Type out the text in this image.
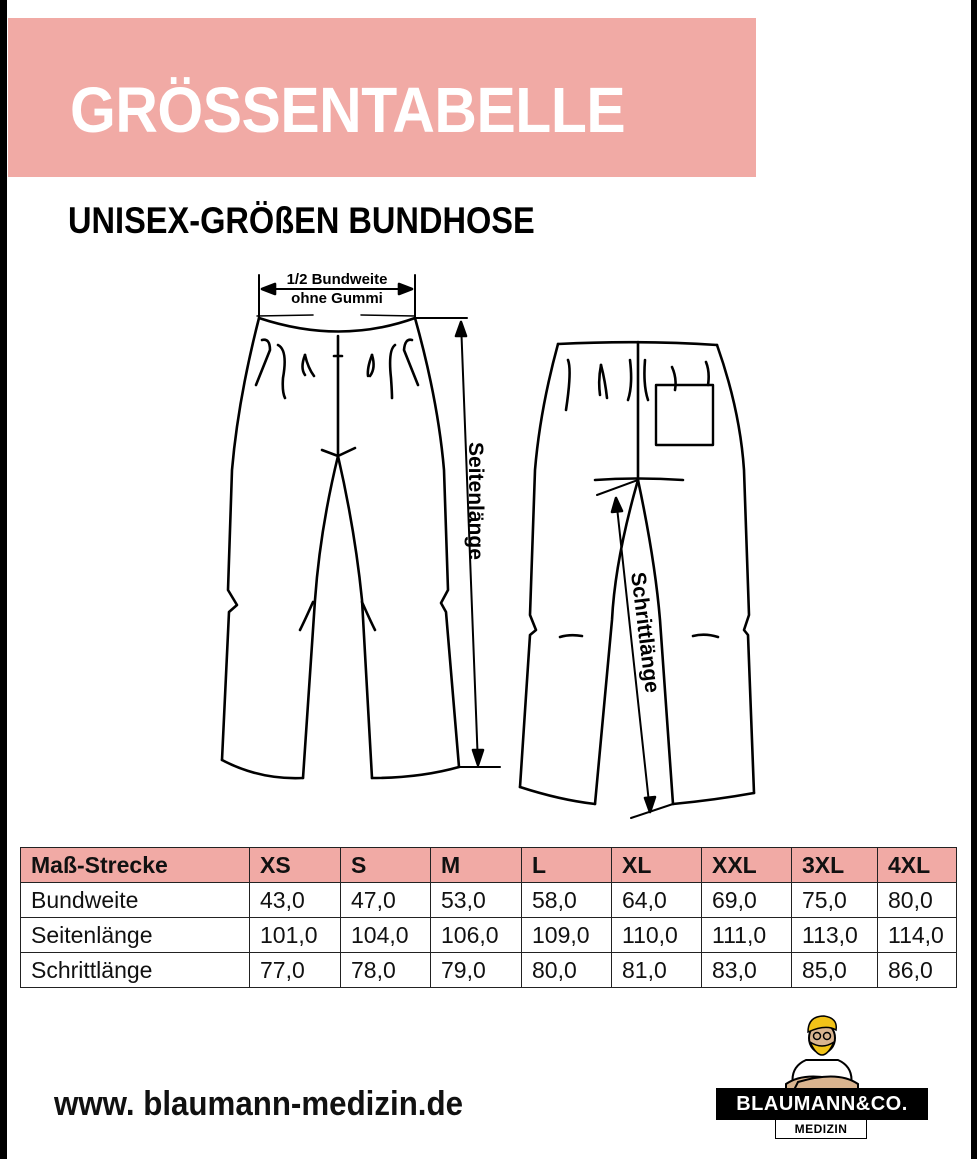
GRÖSSENTABELLE
UNISEX-GRÖßEN BUNDHOSE
1/2 Bundweite
ohne Gummi
Seitenlänge
Schrittlänge
Maß-Strecke	XS	S	M	L	XL	XXL	3XL	4XL
Bundweite	43,0	47,0	53,0	58,0	64,0	69,0	75,0	80,0
Seitenlänge	101,0	104,0	106,0	109,0	110,0	111,0	113,0	114,0
Schrittlänge	77,0	78,0	79,0	80,0	81,0	83,0	85,0	86,0
www. blaumann-medizin.de	BLAUMANN&CO.
MEDIZIN
